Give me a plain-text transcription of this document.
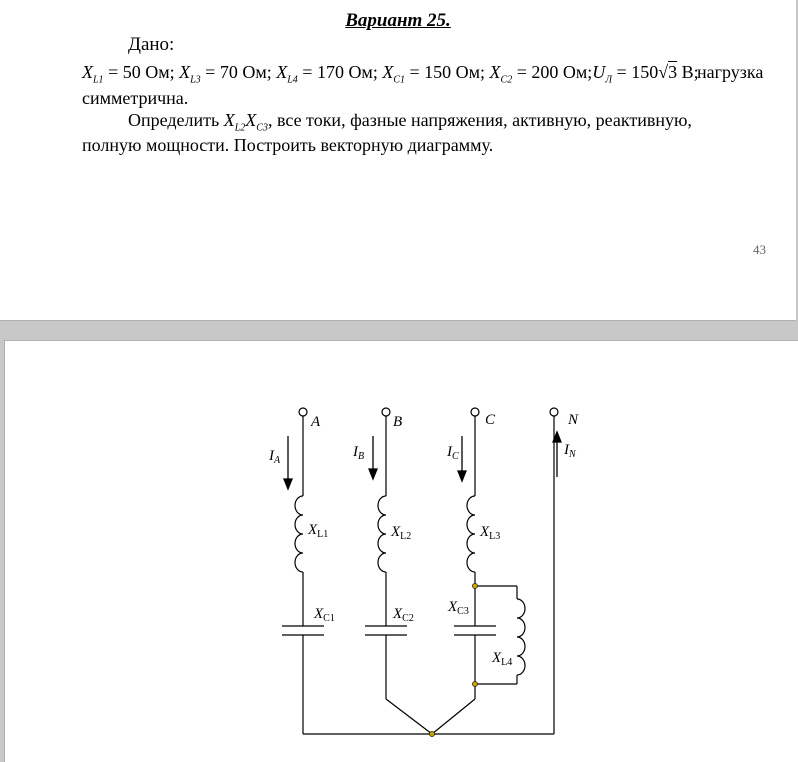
Вариант 25.
Дано:
$X_{L1} = 50$ Ом; $X_{L3} = 70$ Ом; $X_{L4} = 170$ Ом; $X_{C1} = 150$ Ом; $X_{C2} = 200$ $Ом;U_Л = 150√3$ В;
нагрузка
симметрична.
Определить $X_{L2}X_{C3}$, все токи, фазные напряжения, активную, реактивную,
полную мощности. Построить векторную диаграмму.
43
A	B	C	N
$I_A$
$I_B$	$I_C$	$I_N$
$X_{L1}$	$X_{L2}$	$X_{L3}$
$X_{L4}$
$X_{C1}$	$X_{C2}$
$X_{C3}$
